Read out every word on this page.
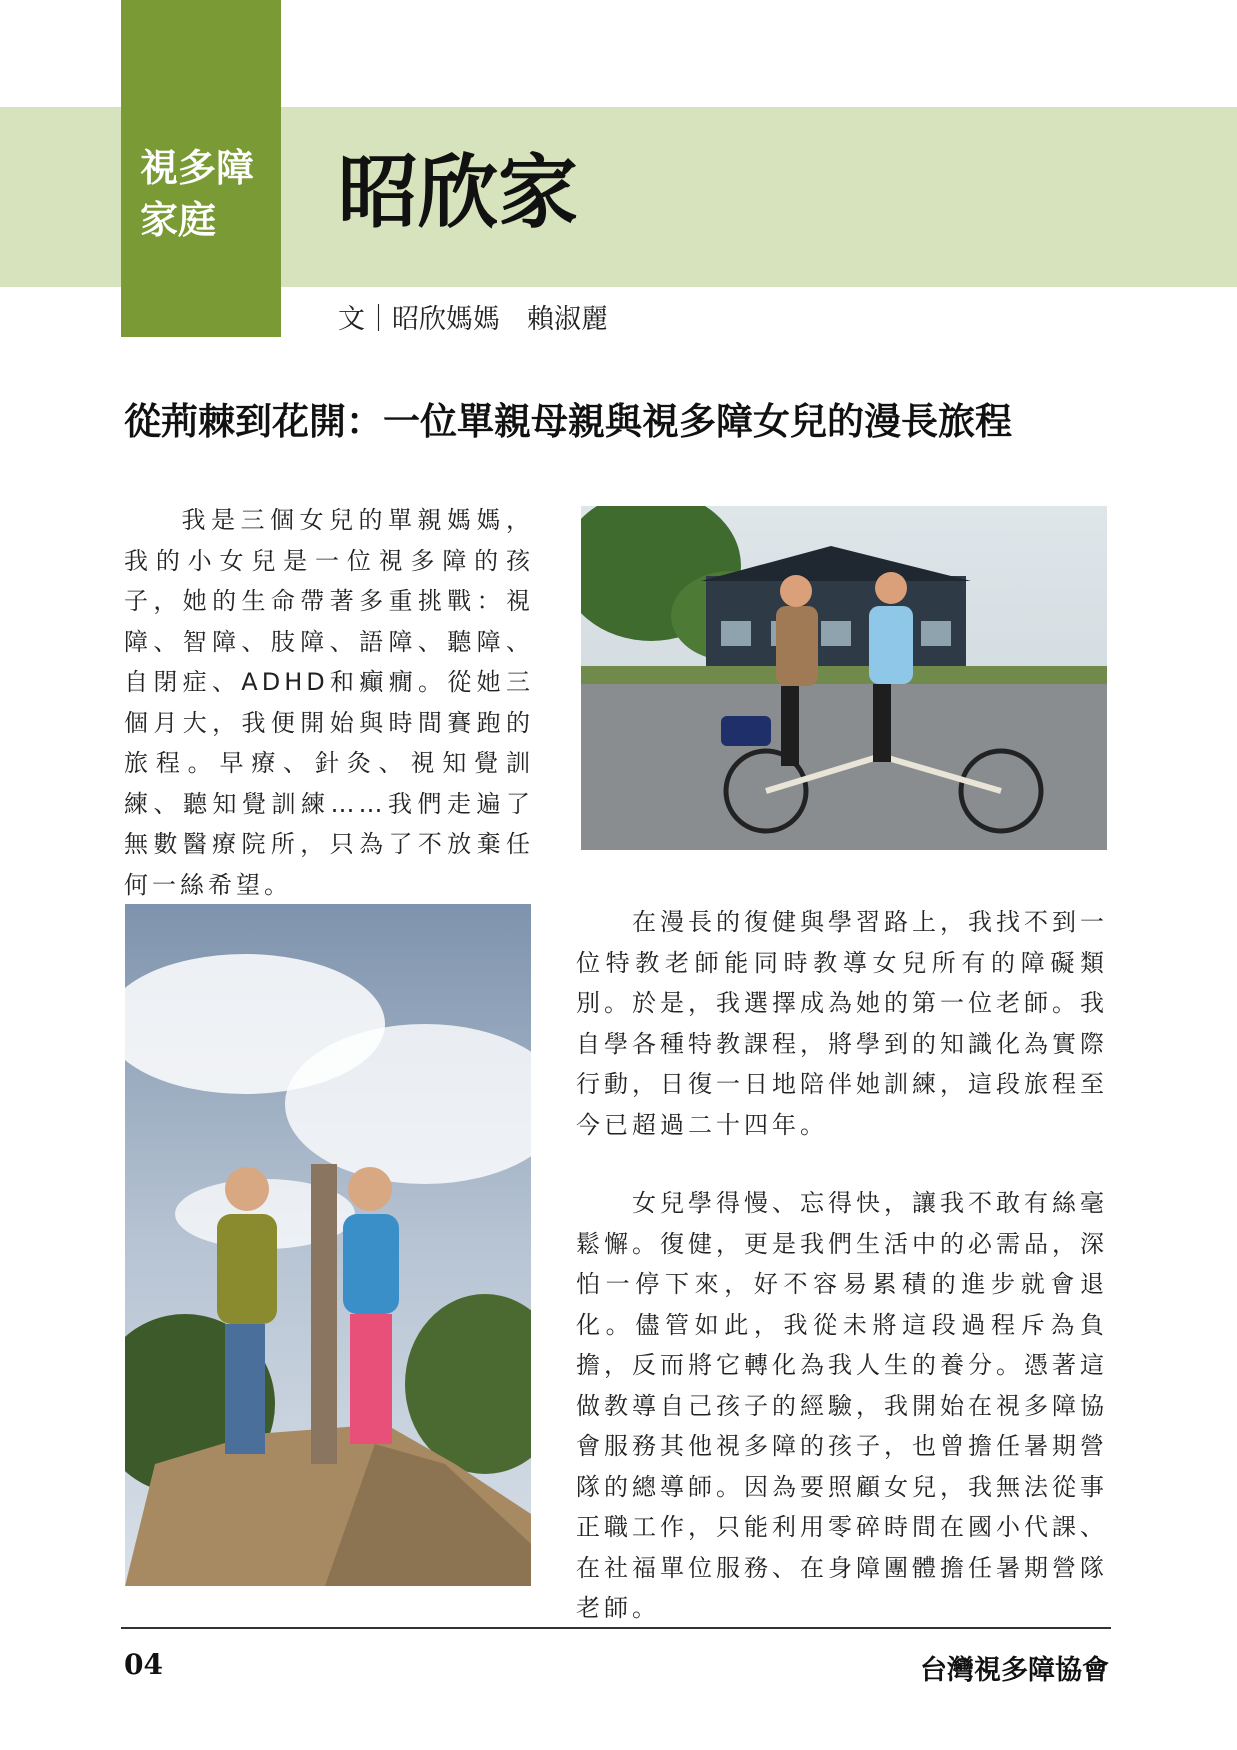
視多障
家庭	昭欣家
文｜昭欣媽媽　賴淑麗
從荊棘到花開：一位單親母親與視多障女兒的漫長旅程

我是三個女兒的單親媽媽，我的小女兒是一位視多障的孩子，她的生命帶著多重挑戰：視障、智障、肢障、語障、聽障、自閉症、ADHD和癲癇。從她三個月大，我便開始與時間賽跑的旅程。早療、針灸、視知覺訓練、聽知覺訓練……我們走遍了無數醫療院所，只為了不放棄任何一絲希望。

在漫長的復健與學習路上，我找不到一位特教老師能同時教導女兒所有的障礙類別。於是，我選擇成為她的第一位老師。我自學各種特教課程，將學到的知識化為實際行動，日復一日地陪伴她訓練，這段旅程至今已超過二十四年。

女兒學得慢、忘得快，讓我不敢有絲毫鬆懈。復健，更是我們生活中的必需品，深怕一停下來，好不容易累積的進步就會退化。儘管如此，我從未將這段過程斥為負擔，反而將它轉化為我人生的養分。憑著這做教導自己孩子的經驗，我開始在視多障協會服務其他視多障的孩子，也曾擔任暑期營隊的總導師。因為要照顧女兒，我無法從事正職工作，只能利用零碎時間在國小代課、在社福單位服務、在身障團體擔任暑期營隊老師。

04	台灣視多障協會
